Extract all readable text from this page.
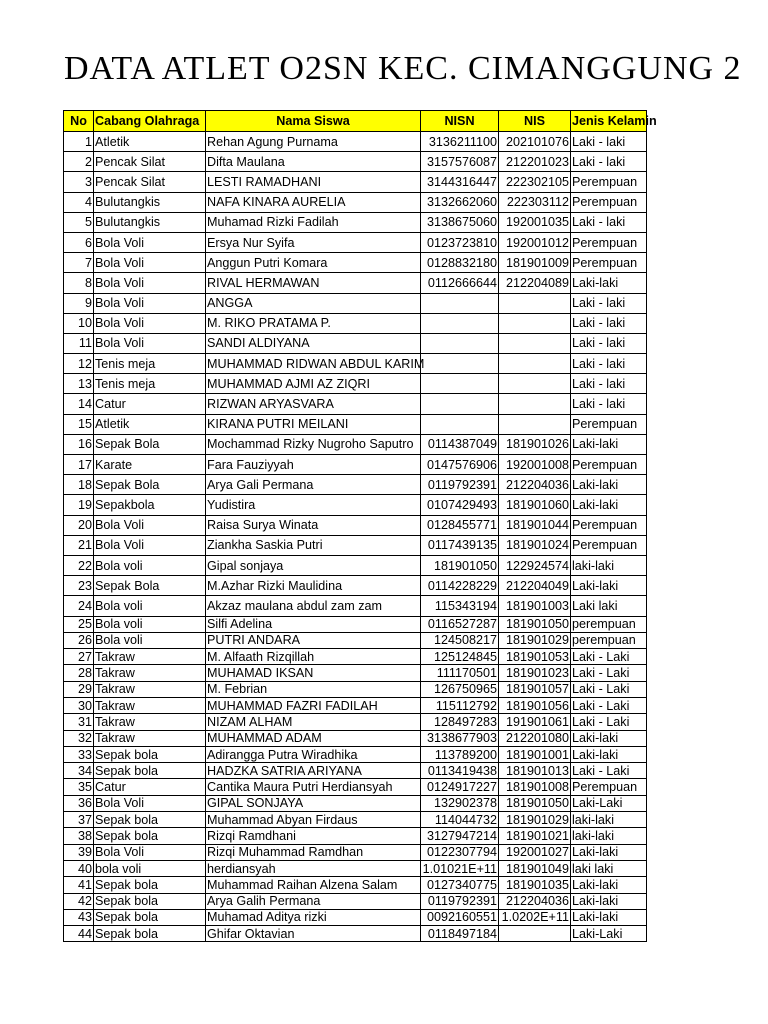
DATA ATLET O2SN KEC. CIMANGGUNG 2
No	Cabang Olahraga	Nama Siswa	NISN	NIS	Jenis Kelamin
1	Atletik	Rehan Agung Purnama	3136211100	202101076	Laki - laki
2	Pencak Silat	Difta Maulana	3157576087	212201023	Laki - laki
3	Pencak Silat	LESTI RAMADHANI	3144316447	222302105	Perempuan
4	Bulutangkis	NAFA KINARA AURELIA	3132662060	222303112	Perempuan
5	Bulutangkis	Muhamad Rizki Fadilah	3138675060	192001035	Laki - laki
6	Bola Voli	Ersya Nur Syifa	0123723810	192001012	Perempuan
7	Bola Voli	Anggun Putri Komara	0128832180	181901009	Perempuan
8	Bola Voli	RIVAL HERMAWAN	0112666644	212204089	Laki-laki
9	Bola Voli	ANGGA			Laki - laki
10	Bola Voli	M. RIKO PRATAMA P.			Laki - laki
11	Bola Voli	SANDI ALDIYANA			Laki - laki
12	Tenis meja	MUHAMMAD RIDWAN ABDUL KARIM			Laki - laki
13	Tenis meja	MUHAMMAD AJMI AZ ZIQRI			Laki - laki
14	Catur	RIZWAN ARYASVARA			Laki - laki
15	Atletik	KIRANA PUTRI MEILANI			Perempuan
16	Sepak Bola	Mochammad Rizky Nugroho Saputro	0114387049	181901026	Laki-laki
17	Karate	Fara Fauziyyah	0147576906	192001008	Perempuan
18	Sepak Bola	Arya Gali Permana	0119792391	212204036	Laki-laki
19	Sepakbola	Yudistira	0107429493	181901060	Laki-laki
20	Bola Voli	Raisa Surya Winata	0128455771	181901044	Perempuan
21	Bola Voli	Ziankha Saskia Putri	0117439135	181901024	Perempuan
22	Bola voli	Gipal sonjaya	181901050	122924574	laki-laki
23	Sepak Bola	M.Azhar Rizki Maulidina	0114228229	212204049	Laki-laki
24	Bola voli	Akzaz maulana abdul zam zam	115343194	181901003	Laki laki
25	Bola voli	Silfi Adelina	0116527287	181901050	perempuan
26	Bola voli	PUTRI ANDARA	124508217	181901029	perempuan
27	Takraw	M. Alfaath Rizqillah	125124845	181901053	Laki - Laki
28	Takraw	MUHAMAD IKSAN	111170501	181901023	Laki - Laki
29	Takraw	M. Febrian	126750965	181901057	Laki - Laki
30	Takraw	MUHAMMAD FAZRI FADILAH	115112792	181901056	Laki - Laki
31	Takraw	NIZAM ALHAM	128497283	191901061	Laki - Laki
32	Takraw	MUHAMMAD ADAM	3138677903	212201080	Laki-laki
33	Sepak bola	Adirangga Putra Wiradhika	113789200	181901001	Laki-laki
34	Sepak bola	HADZKA SATRIA ARIYANA	0113419438	181901013	Laki - Laki
35	Catur	Cantika Maura Putri Herdiansyah	0124917227	181901008	Perempuan
36	Bola Voli	GIPAL SONJAYA	132902378	181901050	Laki-Laki
37	Sepak bola	Muhammad Abyan Firdaus	114044732	181901029	laki-laki
38	Sepak bola	Rizqi Ramdhani	3127947214	181901021	laki-laki
39	Bola Voli	Rizqi Muhammad Ramdhan	0122307794	192001027	Laki-laki
40	bola voli	herdiansyah	1.01021E+11	181901049	laki laki
41	Sepak bola	Muhammad Raihan Alzena Salam	0127340775	181901035	Laki-laki
42	Sepak bola	Arya Galih Permana	0119792391	212204036	Laki-laki
43	Sepak bola	Muhamad Aditya rizki	0092160551	1.0202E+11	Laki-laki
44	Sepak bola	Ghifar Oktavian	0118497184		Laki-Laki
